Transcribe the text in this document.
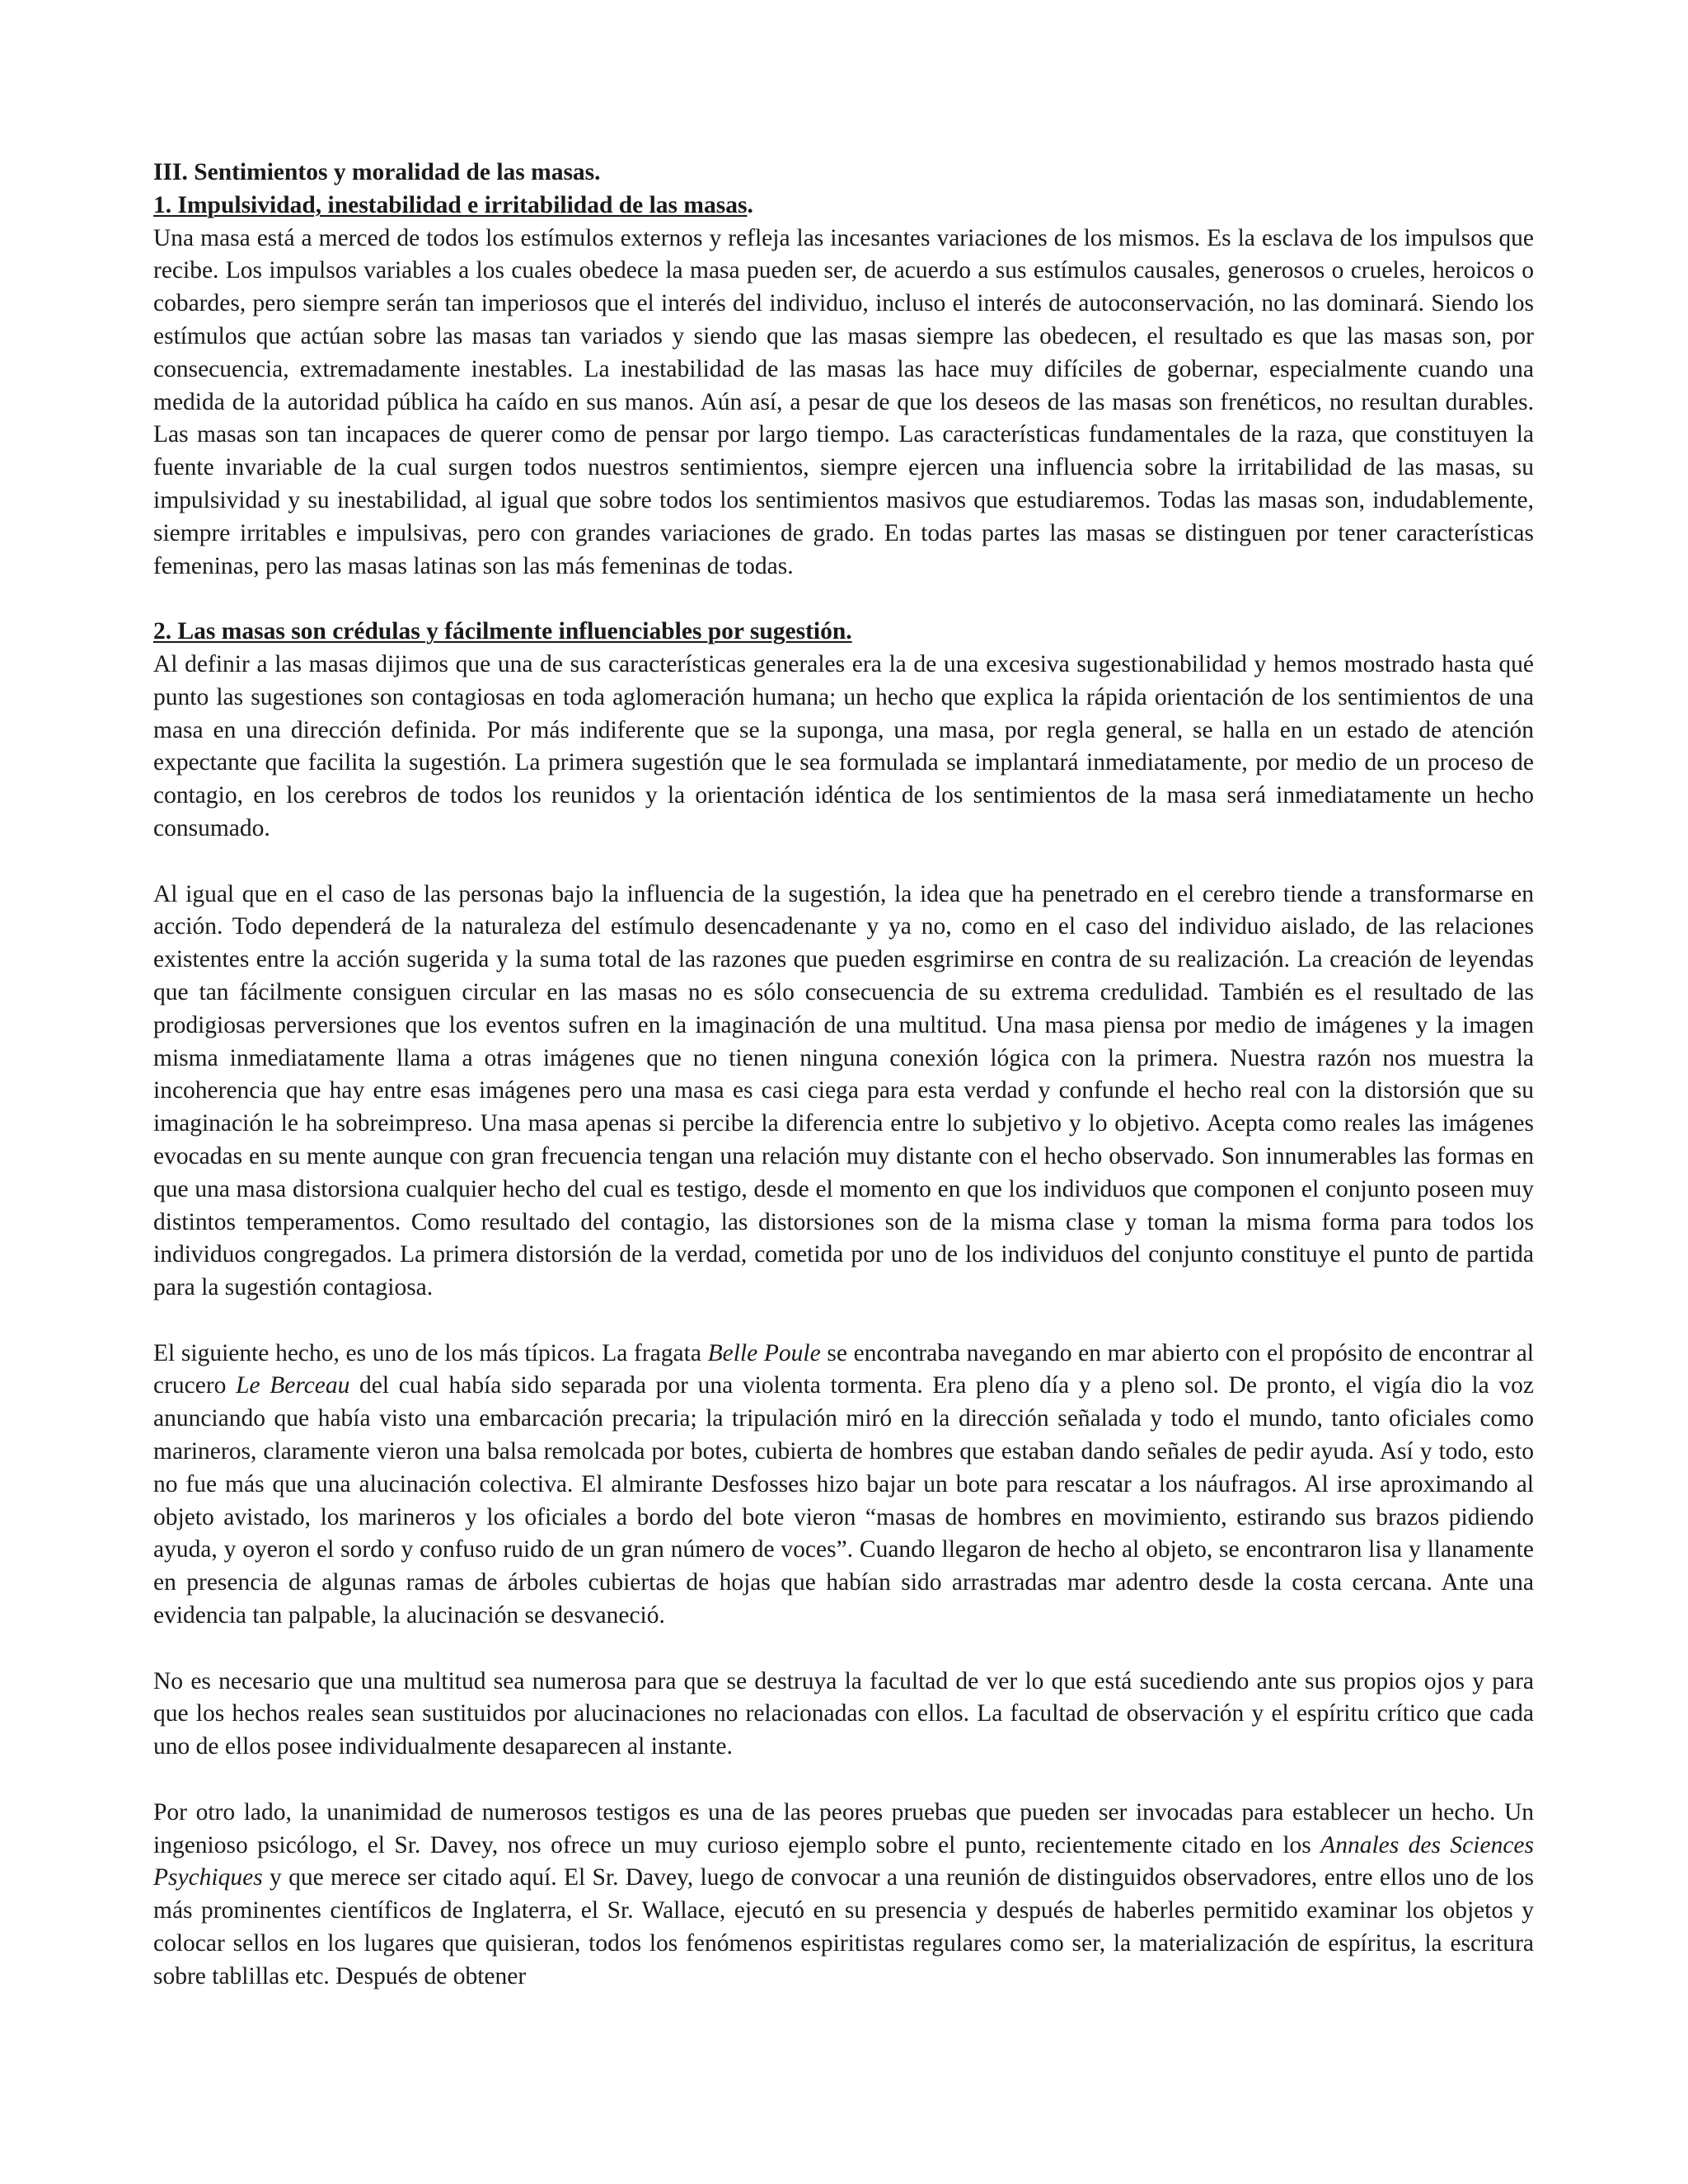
III. Sentimientos y moralidad de las masas.
1. Impulsividad, inestabilidad e irritabilidad de las masas.

Una masa está a merced de todos los estímulos externos y refleja las incesantes variaciones de los mismos. Es la esclava de los impulsos que recibe. Los impulsos variables a los cuales obedece la masa pueden ser, de acuerdo a sus estímulos causales, generosos o crueles, heroicos o cobardes, pero siempre serán tan imperiosos que el interés del individuo, incluso el interés de autoconservación, no las dominará. Siendo los estímulos que actúan sobre las masas tan variados y siendo que las masas siempre las obedecen, el resultado es que las masas son, por consecuencia, extremadamente inestables. La inestabilidad de las masas las hace muy difíciles de gobernar, especialmente cuando una medida de la autoridad pública ha caído en sus manos. Aún así, a pesar de que los deseos de las masas son frenéticos, no resultan durables. Las masas son tan incapaces de querer como de pensar por largo tiempo. Las características fundamentales de la raza, que constituyen la fuente invariable de la cual surgen todos nuestros sentimientos, siempre ejercen una influencia sobre la irritabilidad de las masas, su impulsividad y su inestabilidad, al igual que sobre todos los sentimientos masivos que estudiaremos. Todas las masas son, indudablemente, siempre irritables e impulsivas, pero con grandes variaciones de grado. En todas partes las masas se distinguen por tener características femeninas, pero las masas latinas son las más femeninas de todas.

2. Las masas son crédulas y fácilmente influenciables por sugestión.

Al definir a las masas dijimos que una de sus características generales era la de una excesiva sugestionabilidad y hemos mostrado hasta qué punto las sugestiones son contagiosas en toda aglomeración humana; un hecho que explica la rápida orientación de los sentimientos de una masa en una dirección definida. Por más indiferente que se la suponga, una masa, por regla general, se halla en un estado de atención expectante que facilita la sugestión. La primera sugestión que le sea formulada se implantará inmediatamente, por medio de un proceso de contagio, en los cerebros de todos los reunidos y la orientación idéntica de los sentimientos de la masa será inmediatamente un hecho consumado.

Al igual que en el caso de las personas bajo la influencia de la sugestión, la idea que ha penetrado en el cerebro tiende a transformarse en acción. Todo dependerá de la naturaleza del estímulo desencadenante y ya no, como en el caso del individuo aislado, de las relaciones existentes entre la acción sugerida y la suma total de las razones que pueden esgrimirse en contra de su realización. La creación de leyendas que tan fácilmente consiguen circular en las masas no es sólo consecuencia de su extrema credulidad. También es el resultado de las prodigiosas perversiones que los eventos sufren en la imaginación de una multitud. Una masa piensa por medio de imágenes y la imagen misma inmediatamente llama a otras imágenes que no tienen ninguna conexión lógica con la primera. Nuestra razón nos muestra la incoherencia que hay entre esas imágenes pero una masa es casi ciega para esta verdad y confunde el hecho real con la distorsión que su imaginación le ha sobreimpreso. Una masa apenas si percibe la diferencia entre lo subjetivo y lo objetivo. Acepta como reales las imágenes evocadas en su mente aunque con gran frecuencia tengan una relación muy distante con el hecho observado. Son innumerables las formas en que una masa distorsiona cualquier hecho del cual es testigo, desde el momento en que los individuos que componen el conjunto poseen muy distintos temperamentos. Como resultado del contagio, las distorsiones son de la misma clase y toman la misma forma para todos los individuos congregados. La primera distorsión de la verdad, cometida por uno de los individuos del conjunto constituye el punto de partida para la sugestión contagiosa.

El siguiente hecho, es uno de los más típicos. La fragata Belle Poule se encontraba navegando en mar abierto con el propósito de encontrar al crucero Le Berceau del cual había sido separada por una violenta tormenta. Era pleno día y a pleno sol. De pronto, el vigía dio la voz anunciando que había visto una embarcación precaria; la tripulación miró en la dirección señalada y todo el mundo, tanto oficiales como marineros, claramente vieron una balsa remolcada por botes, cubierta de hombres que estaban dando señales de pedir ayuda. Así y todo, esto no fue más que una alucinación colectiva. El almirante Desfosses hizo bajar un bote para rescatar a los náufragos. Al irse aproximando al objeto avistado, los marineros y los oficiales a bordo del bote vieron “masas de hombres en movimiento, estirando sus brazos pidiendo ayuda, y oyeron el sordo y confuso ruido de un gran número de voces”. Cuando llegaron de hecho al objeto, se encontraron lisa y llanamente en presencia de algunas ramas de árboles cubiertas de hojas que habían sido arrastradas mar adentro desde la costa cercana. Ante una evidencia tan palpable, la alucinación se desvaneció.

No es necesario que una multitud sea numerosa para que se destruya la facultad de ver lo que está sucediendo ante sus propios ojos y para que los hechos reales sean sustituidos por alucinaciones no relacionadas con ellos. La facultad de observación y el espíritu crítico que cada uno de ellos posee individualmente desaparecen al instante.

Por otro lado, la unanimidad de numerosos testigos es una de las peores pruebas que pueden ser invocadas para establecer un hecho. Un ingenioso psicólogo, el Sr. Davey, nos ofrece un muy curioso ejemplo sobre el punto, recientemente citado en los Annales des Sciences Psychiques y que merece ser citado aquí. El Sr. Davey, luego de convocar a una reunión de distinguidos observadores, entre ellos uno de los más prominentes científicos de Inglaterra, el Sr. Wallace, ejecutó en su presencia y después de haberles permitido examinar los objetos y colocar sellos en los lugares que quisieran, todos los fenómenos espiritistas regulares como ser, la materialización de espíritus, la escritura sobre tablillas etc. Después de obtener
